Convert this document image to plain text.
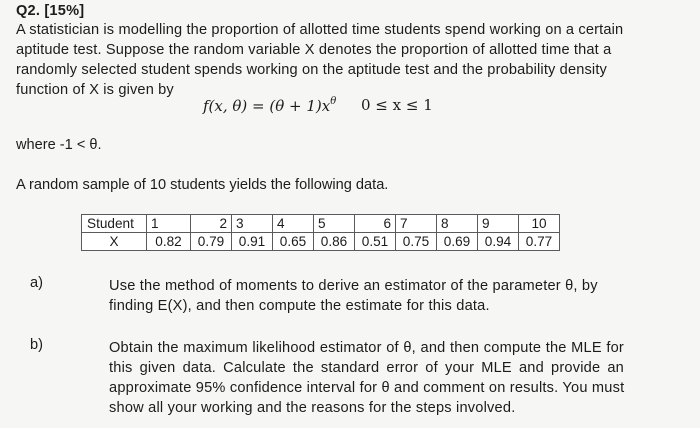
Q2. [15%]
A statistician is modelling the proportion of allotted time students spend working on a certain
aptitude test. Suppose the random variable X denotes the proportion of allotted time that a
randomly selected student spends working on the aptitude test and the probability density
function of X is given by
f(x, $\theta) = (\theta + 1)x^\theta$ 0 ≤ x ≤ 1
where -1 < θ.
A random sample of 10 students yields the following data.
Student	1	2	3	4	5	6	7	8	9	10
X	0.82	0.79	0.91	0.65	0.86	0.51	0.75	0.69	0.94	0.77
a)	Use the method of moments to derive an estimator of the parameter θ, by
finding E(X), and then compute the estimate for this data.
b)	Obtain the maximum likelihood estimator of θ, and then compute the MLE for
this given data. Calculate the standard error of your MLE and provide an
approximate 95% confidence interval for θ and comment on results. You must
show all your working and the reasons for the steps involved.
